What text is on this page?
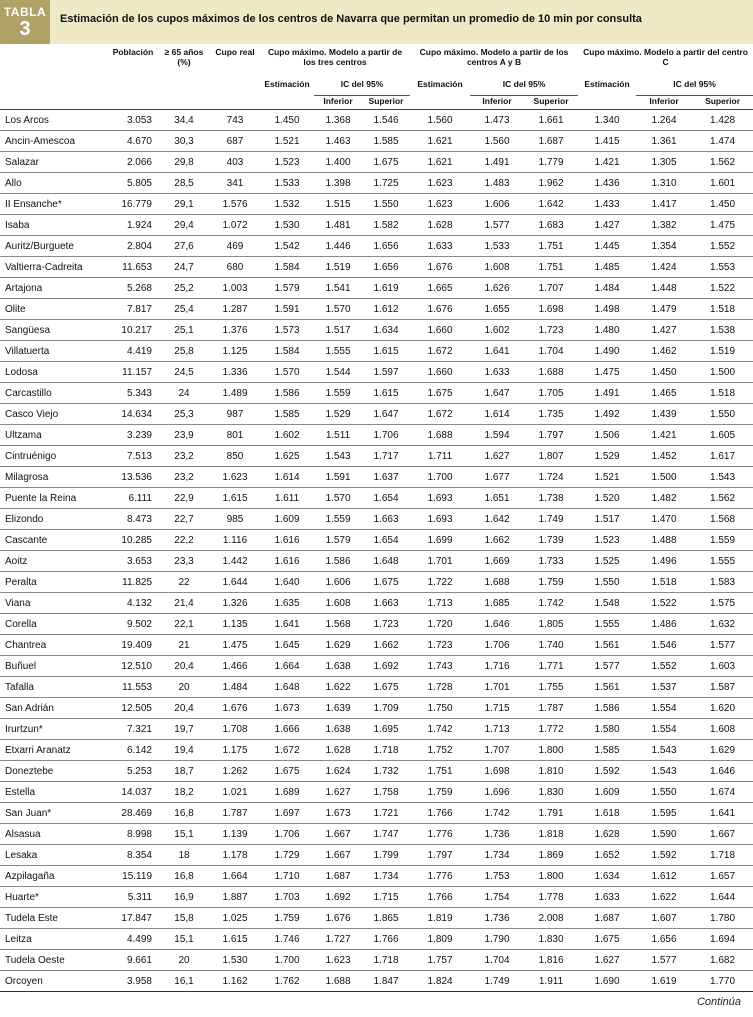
TABLA
3	Estimación de los cupos máximos de los centros de Navarra que permitan un promedio de 10 min por consulta
	Población	≥ 65 años (%)	Cupo real	Cupo máximo. Modelo a partir de los tres centros			Cupo máximo. Modelo a partir de los centros A y B			Cupo máximo. Modelo a partir del centro C		
				Estimación	IC del 95%		Estimación	IC del 95%		Estimación	IC del 95%	
					Inferior	Superior		Inferior	Superior		Inferior	Superior
Los Arcos	3.053	34,4	743	1.450	1.368	1.546	1.560	1.473	1.661	1.340	1.264	1.428
Ancin-Amescoa	4.670	30,3	687	1.521	1.463	1.585	1.621	1.560	1.687	1.415	1.361	1.474
Salazar	2.066	29,8	403	1.523	1.400	1.675	1.621	1.491	1.779	1.421	1.305	1.562
Allo	5.805	28,5	341	1.533	1.398	1.725	1.623	1.483	1.962	1.436	1.310	1.601
II Ensanche*	16.779	29,1	1.576	1.532	1.515	1.550	1.623	1.606	1.642	1.433	1.417	1.450
Isaba	1.924	29,4	1.072	1.530	1.481	1.582	1.628	1.577	1.683	1.427	1.382	1.475
Auritz/Burguete	2.804	27,6	469	1.542	1.446	1.656	1.633	1.533	1.751	1.445	1.354	1.552
Valtierra-Cadreita	11.653	24,7	680	1.584	1.519	1.656	1.676	1.608	1.751	1.485	1.424	1.553
Artajona	5.268	25,2	1.003	1.579	1.541	1.619	1.665	1.626	1.707	1.484	1.448	1.522
Olite	7.817	25,4	1.287	1.591	1.570	1.612	1.676	1.655	1.698	1.498	1.479	1.518
Sangüesa	10.217	25,1	1.376	1.573	1.517	1.634	1.660	1.602	1.723	1.480	1.427	1.538
Villatuerta	4.419	25,8	1.125	1.584	1.555	1.615	1.672	1.641	1.704	1.490	1.462	1.519
Lodosa	11.157	24,5	1.336	1.570	1.544	1.597	1.660	1.633	1.688	1.475	1.450	1.500
Carcastillo	5.343	24	1.489	1.586	1.559	1.615	1.675	1.647	1.705	1.491	1.465	1.518
Casco Viejo	14.634	25,3	987	1.585	1.529	1.647	1.672	1.614	1.735	1.492	1.439	1.550
Ultzama	3.239	23,9	801	1.602	1.511	1.706	1.688	1.594	1.797	1.506	1.421	1.605
Cintruénigo	7.513	23,2	850	1.625	1.543	1.717	1.711	1.627	1.807	1.529	1.452	1.617
Milagrosa	13.536	23,2	1.623	1.614	1.591	1.637	1.700	1.677	1.724	1.521	1.500	1.543
Puente la Reina	6.111	22,9	1.615	1.611	1.570	1.654	1.693	1.651	1.738	1.520	1.482	1.562
Elizondo	8.473	22,7	985	1.609	1.559	1.663	1.693	1.642	1.749	1.517	1.470	1.568
Cascante	10.285	22,2	1.116	1.616	1.579	1.654	1.699	1.662	1.739	1.523	1.488	1.559
Aoitz	3.653	23,3	1.442	1.616	1.586	1.648	1.701	1.669	1.733	1.525	1.496	1.555
Peralta	11.825	22	1.644	1.640	1.606	1.675	1.722	1.688	1.759	1.550	1.518	1.583
Viana	4.132	21,4	1.326	1.635	1.608	1.663	1.713	1.685	1.742	1.548	1.522	1.575
Corella	9.502	22,1	1.135	1.641	1.568	1.723	1.720	1.646	1.805	1.555	1.486	1.632
Chantrea	19.409	21	1.475	1.645	1.629	1.662	1.723	1.706	1.740	1.561	1.546	1.577
Buñuel	12.510	20,4	1.466	1.664	1.638	1.692	1.743	1.716	1.771	1.577	1.552	1.603
Tafalla	11.553	20	1.484	1.648	1.622	1.675	1.728	1.701	1.755	1.561	1.537	1.587
San Adrián	12.505	20,4	1.676	1.673	1.639	1.709	1.750	1.715	1.787	1.586	1.554	1.620
Irurtzun*	7.321	19,7	1.708	1.666	1.638	1.695	1.742	1.713	1.772	1.580	1.554	1.608
Etxarri Aranatz	6.142	19,4	1.175	1.672	1.628	1.718	1.752	1.707	1.800	1.585	1.543	1.629
Doneztebe	5.253	18,7	1.262	1.675	1.624	1.732	1.751	1.698	1.810	1.592	1.543	1.646
Estella	14.037	18,2	1.021	1.689	1.627	1.758	1.759	1.696	1.830	1.609	1.550	1.674
San Juan*	28.469	16,8	1.787	1.697	1.673	1.721	1.766	1.742	1.791	1.618	1.595	1.641
Alsasua	8.998	15,1	1.139	1.706	1.667	1.747	1.776	1.736	1.818	1.628	1.590	1.667
Lesaka	8.354	18	1.178	1.729	1.667	1.799	1.797	1.734	1.869	1.652	1.592	1.718
Azpilagaña	15.119	16,8	1.664	1.710	1.687	1.734	1.776	1.753	1.800	1.634	1.612	1.657
Huarte*	5.311	16,9	1.887	1.703	1.692	1.715	1.766	1.754	1.778	1.633	1.622	1.644
Tudela Este	17.847	15,8	1.025	1.759	1.676	1.865	1.819	1.736	2.008	1.687	1.607	1.780
Leitza	4.499	15,1	1.615	1.746	1.727	1.766	1.809	1.790	1.830	1.675	1.656	1.694
Tudela Oeste	9.661	20	1.530	1.700	1.623	1.718	1.757	1.704	1.816	1.627	1.577	1.682
Orcoyen	3.958	16,1	1.162	1.762	1.688	1.847	1.824	1.749	1.911	1.690	1.619	1.770
Continúa
